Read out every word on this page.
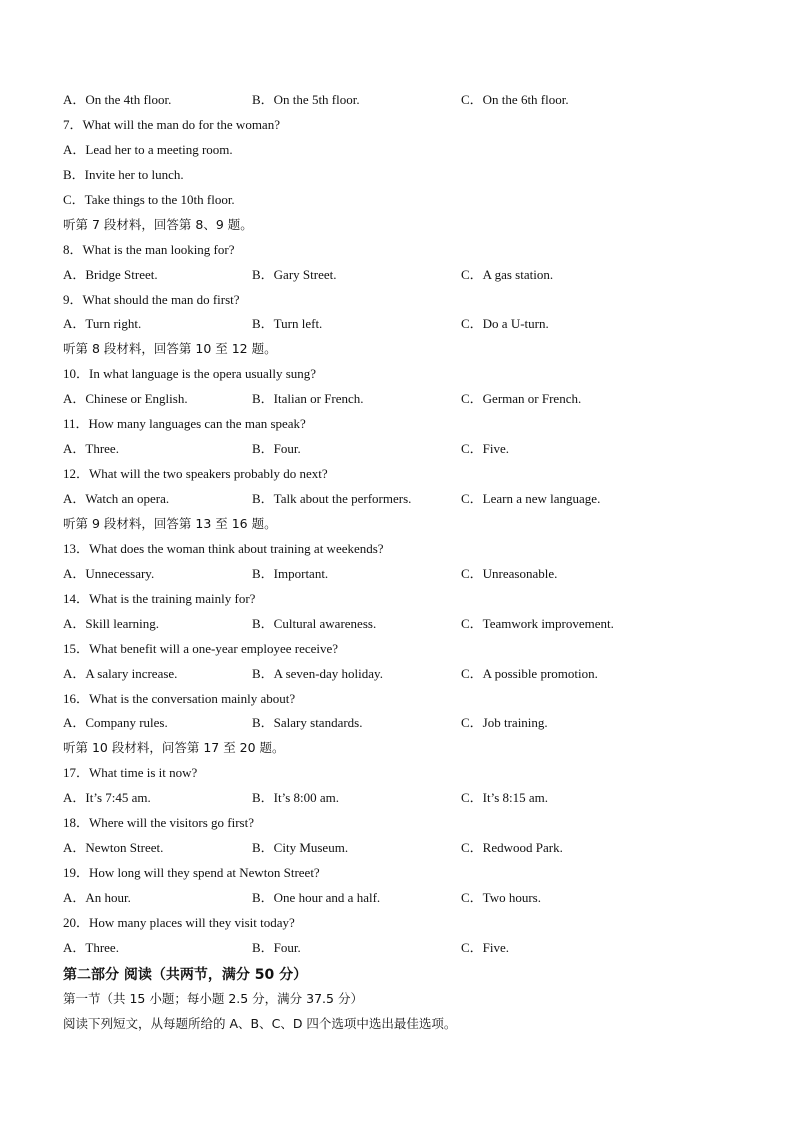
A．On the 4th floor.	B．On the 5th floor.	C．On the 6th floor.
7．What will the man do for the woman?
A．Lead her to a meeting room.
B．Invite her to lunch.
C．Take things to the 10th floor.
听第 7 段材料，回答第 8、9 题。
8．What is the man looking for?
A．Bridge Street.	B．Gary Street.	C．A gas station.
9．What should the man do first?
A．Turn right.	B．Turn left.	C．Do a U-turn.
听第 8 段材料，回答第 10 至 12 题。
10．In what language is the opera usually sung?
A．Chinese or English.	B．Italian or French.	C．German or French.
11．How many languages can the man speak?
A．Three.	B．Four.	C．Five.
12．What will the two speakers probably do next?
A．Watch an opera.	B．Talk about the performers.	C．Learn a new language.
听第 9 段材料，回答第 13 至 16 题。
13．What does the woman think about training at weekends?
A．Unnecessary.	B．Important.	C．Unreasonable.
14．What is the training mainly for?
A．Skill learning.	B．Cultural awareness.	C．Teamwork improvement.
15．What benefit will a one-year employee receive?
A．A salary increase.	B．A seven-day holiday.	C．A possible promotion.
16．What is the conversation mainly about?
A．Company rules.	B．Salary standards.	C．Job training.
听第 10 段材料，问答第 17 至 20 题。
17．What time is it now?
A．It’s 7:45 am.	B．It’s 8:00 am.	C．It’s 8:15 am.
18．Where will the visitors go first?
A．Newton Street.	B．City Museum.	C．Redwood Park.
19．How long will they spend at Newton Street?
A．An hour.	B．One hour and a half.	C．Two hours.
20．How many places will they visit today?
A．Three.	B．Four.	C．Five.
第二部分 阅读（共两节，满分 50 分）
第一节（共 15 小题；每小题 2.5 分，满分 37.5 分）
阅读下列短文，从每题所给的 A、B、C、D 四个选项中选出最佳选项。
